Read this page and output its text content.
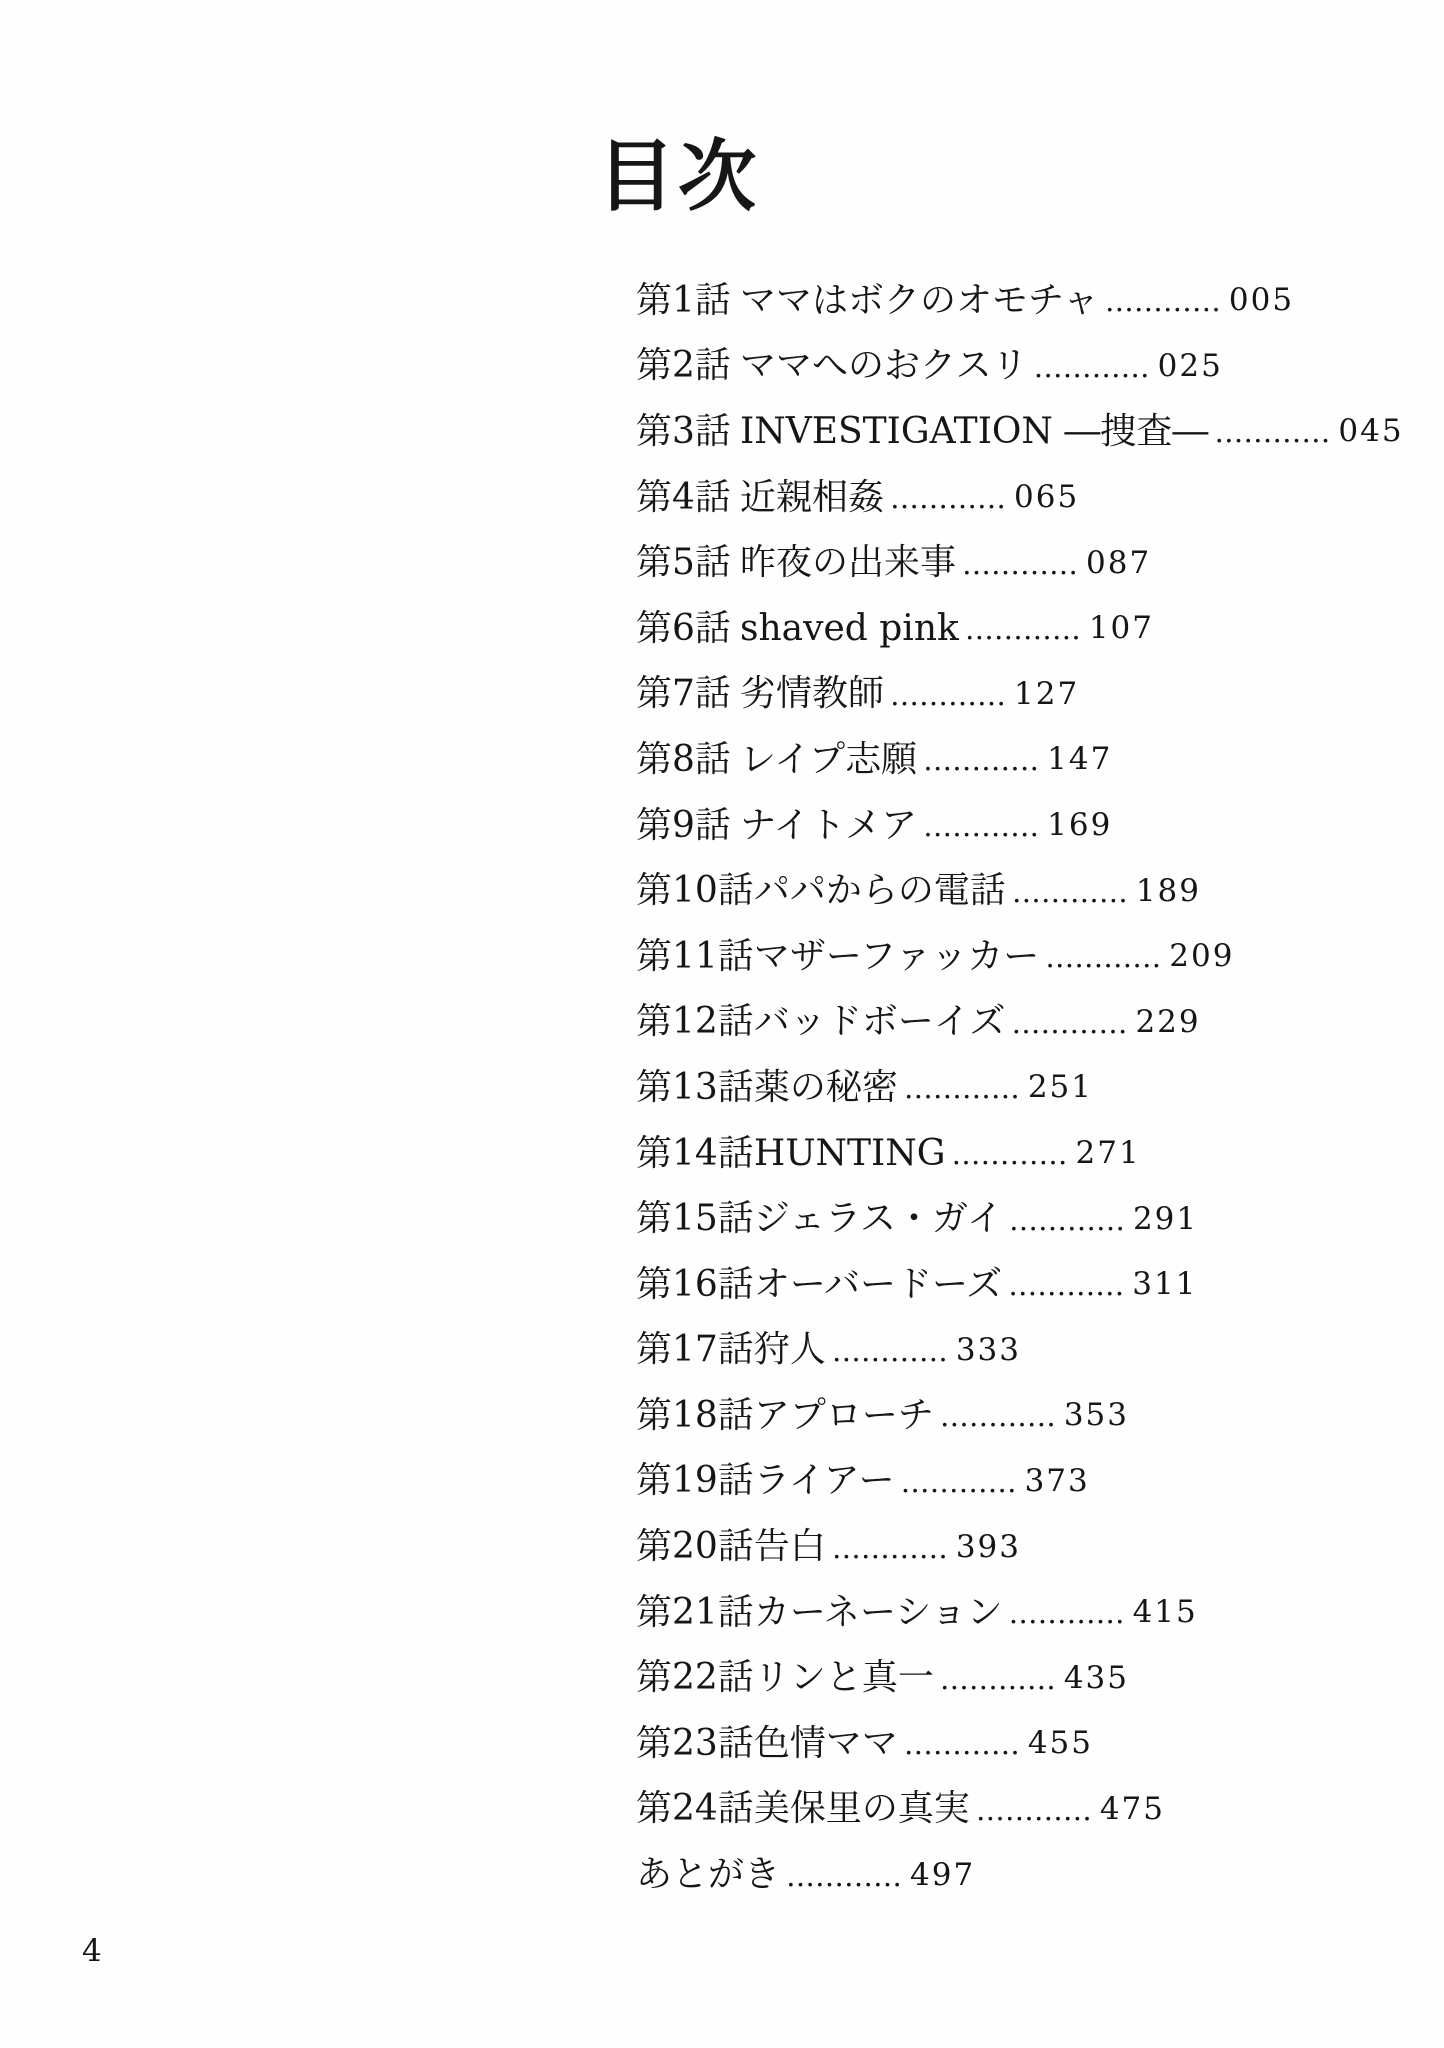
目次
第1話 ママはボクのオモチャ ………… 005
第2話 ママへのおクスリ ………… 025
第3話 INVESTIGATION ―捜査― ………… 045
第4話 近親相姦 ………… 065
第5話 昨夜の出来事 ………… 087
第6話 shaved pink ………… 107
第7話 劣情教師 ………… 127
第8話 レイプ志願 ………… 147
第9話 ナイトメア ………… 169
第10話 パパからの電話 ………… 189
第11話 マザーファッカー ………… 209
第12話 バッドボーイズ ………… 229
第13話 薬の秘密 ………… 251
第14話 HUNTING ………… 271
第15話 ジェラス・ガイ ………… 291
第16話 オーバードーズ ………… 311
第17話 狩人 ………… 333
第18話 アプローチ ………… 353
第19話 ライアー ………… 373
第20話 告白 ………… 393
第21話 カーネーション ………… 415
第22話 リンと真一 ………… 435
第23話 色情ママ ………… 455
第24話 美保里の真実 ………… 475
あとがき ………… 497
4
